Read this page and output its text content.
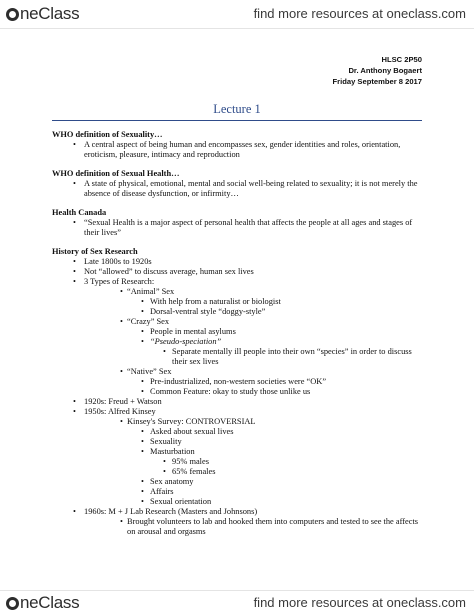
neClass	find more resources at oneclass.com
HLSC 2P50
Dr. Anthony Bogaert
Friday September 8 2017
Lecture 1
WHO definition of Sexuality…
• A central aspect of being human and encompasses sex, gender identities and roles, orientation, eroticism, pleasure, intimacy and reproduction
WHO definition of Sexual Health…
• A state of physical, emotional, mental and social well-being related to sexuality; it is not merely the absence of disease dysfunction, or infirmity…
Health Canada
• “Sexual Health is a major aspect of personal health that affects the people at all ages and stages of their lives”
History of Sex Research
• Late 1800s to 1920s
• Not “allowed” to discuss average, human sex lives
• 3 Types of Research:
• “Animal” Sex
• With help from a naturalist or biologist
• Dorsal-ventral style “doggy-style”
• “Crazy” Sex
• People in mental asylums
• “Pseudo-speciation”
• Separate mentally ill people into their own “species” in order to discuss their sex lives
• “Native” Sex
• Pre-industrialized, non-western societies were “OK”
• Common Feature: okay to study those unlike us
• 1920s: Freud + Watson
• 1950s: Alfred Kinsey
• Kinsey's Survey: CONTROVERSIAL
• Asked about sexual lives
• Sexuality
• Masturbation
• 95% males
• 65% females
• Sex anatomy
• Affairs
• Sexual orientation
• 1960s: M + J Lab Research (Masters and Johnsons)
• Brought volunteers to lab and hooked them into computers and tested to see the affects on arousal and orgasms
neClass	find more resources at oneclass.com
